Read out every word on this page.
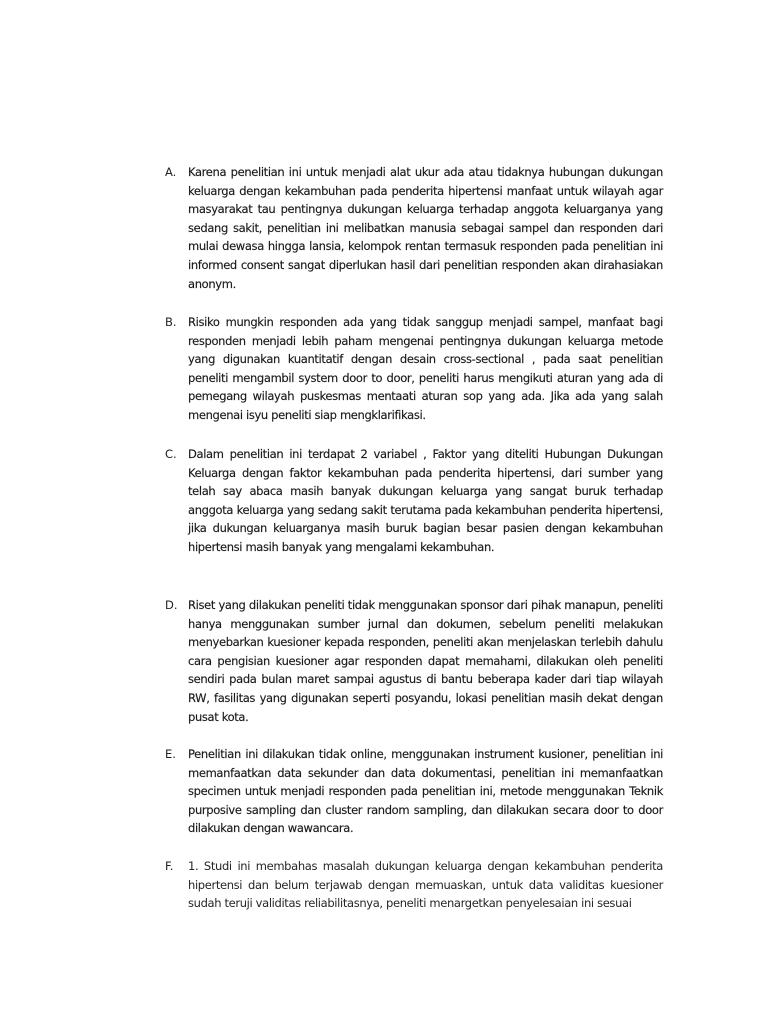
A. Karena penelitian ini untuk menjadi alat ukur ada atau tidaknya hubungan dukungan keluarga dengan kekambuhan pada penderita hipertensi manfaat untuk wilayah agar masyarakat tau pentingnya dukungan keluarga terhadap anggota keluarganya yang sedang sakit, penelitian ini melibatkan manusia sebagai sampel dan responden dari mulai dewasa hingga lansia, kelompok rentan termasuk responden pada penelitian ini informed consent sangat diperlukan hasil dari penelitian responden akan dirahasiakan anonym.

B. Risiko mungkin responden ada yang tidak sanggup menjadi sampel, manfaat bagi responden menjadi lebih paham mengenai pentingnya dukungan keluarga metode yang digunakan kuantitatif dengan desain cross-sectional , pada saat penelitian peneliti mengambil system door to door, peneliti harus mengikuti aturan yang ada di pemegang wilayah puskesmas mentaati aturan sop yang ada. Jika ada yang salah mengenai isyu peneliti siap mengklarifikasi.

C. Dalam penelitian ini terdapat 2 variabel , Faktor yang diteliti Hubungan Dukungan Keluarga dengan faktor kekambuhan pada penderita hipertensi, dari sumber yang telah say abaca masih banyak dukungan keluarga yang sangat buruk terhadap anggota keluarga yang sedang sakit terutama pada kekambuhan penderita hipertensi, jika dukungan keluarganya masih buruk bagian besar pasien dengan kekambuhan hipertensi masih banyak yang mengalami kekambuhan.

D. Riset yang dilakukan peneliti tidak menggunakan sponsor dari pihak manapun, peneliti hanya menggunakan sumber jurnal dan dokumen, sebelum peneliti melakukan menyebarkan kuesioner kepada responden, peneliti akan menjelaskan terlebih dahulu cara pengisian kuesioner agar responden dapat memahami, dilakukan oleh peneliti sendiri pada bulan maret sampai agustus di bantu beberapa kader dari tiap wilayah RW, fasilitas yang digunakan seperti posyandu, lokasi penelitian masih dekat dengan pusat kota.

E. Penelitian ini dilakukan tidak online, menggunakan instrument kusioner, penelitian ini memanfaatkan data sekunder dan data dokumentasi, penelitian ini memanfaatkan specimen untuk menjadi responden pada penelitian ini, metode menggunakan Teknik purposive sampling dan cluster random sampling, dan dilakukan secara door to door dilakukan dengan wawancara.

F. 1. Studi ini membahas masalah dukungan keluarga dengan kekambuhan penderita hipertensi dan belum terjawab dengan memuaskan, untuk data validitas kuesioner sudah teruji validitas reliabilitasnya, peneliti menargetkan penyelesaian ini sesuai
